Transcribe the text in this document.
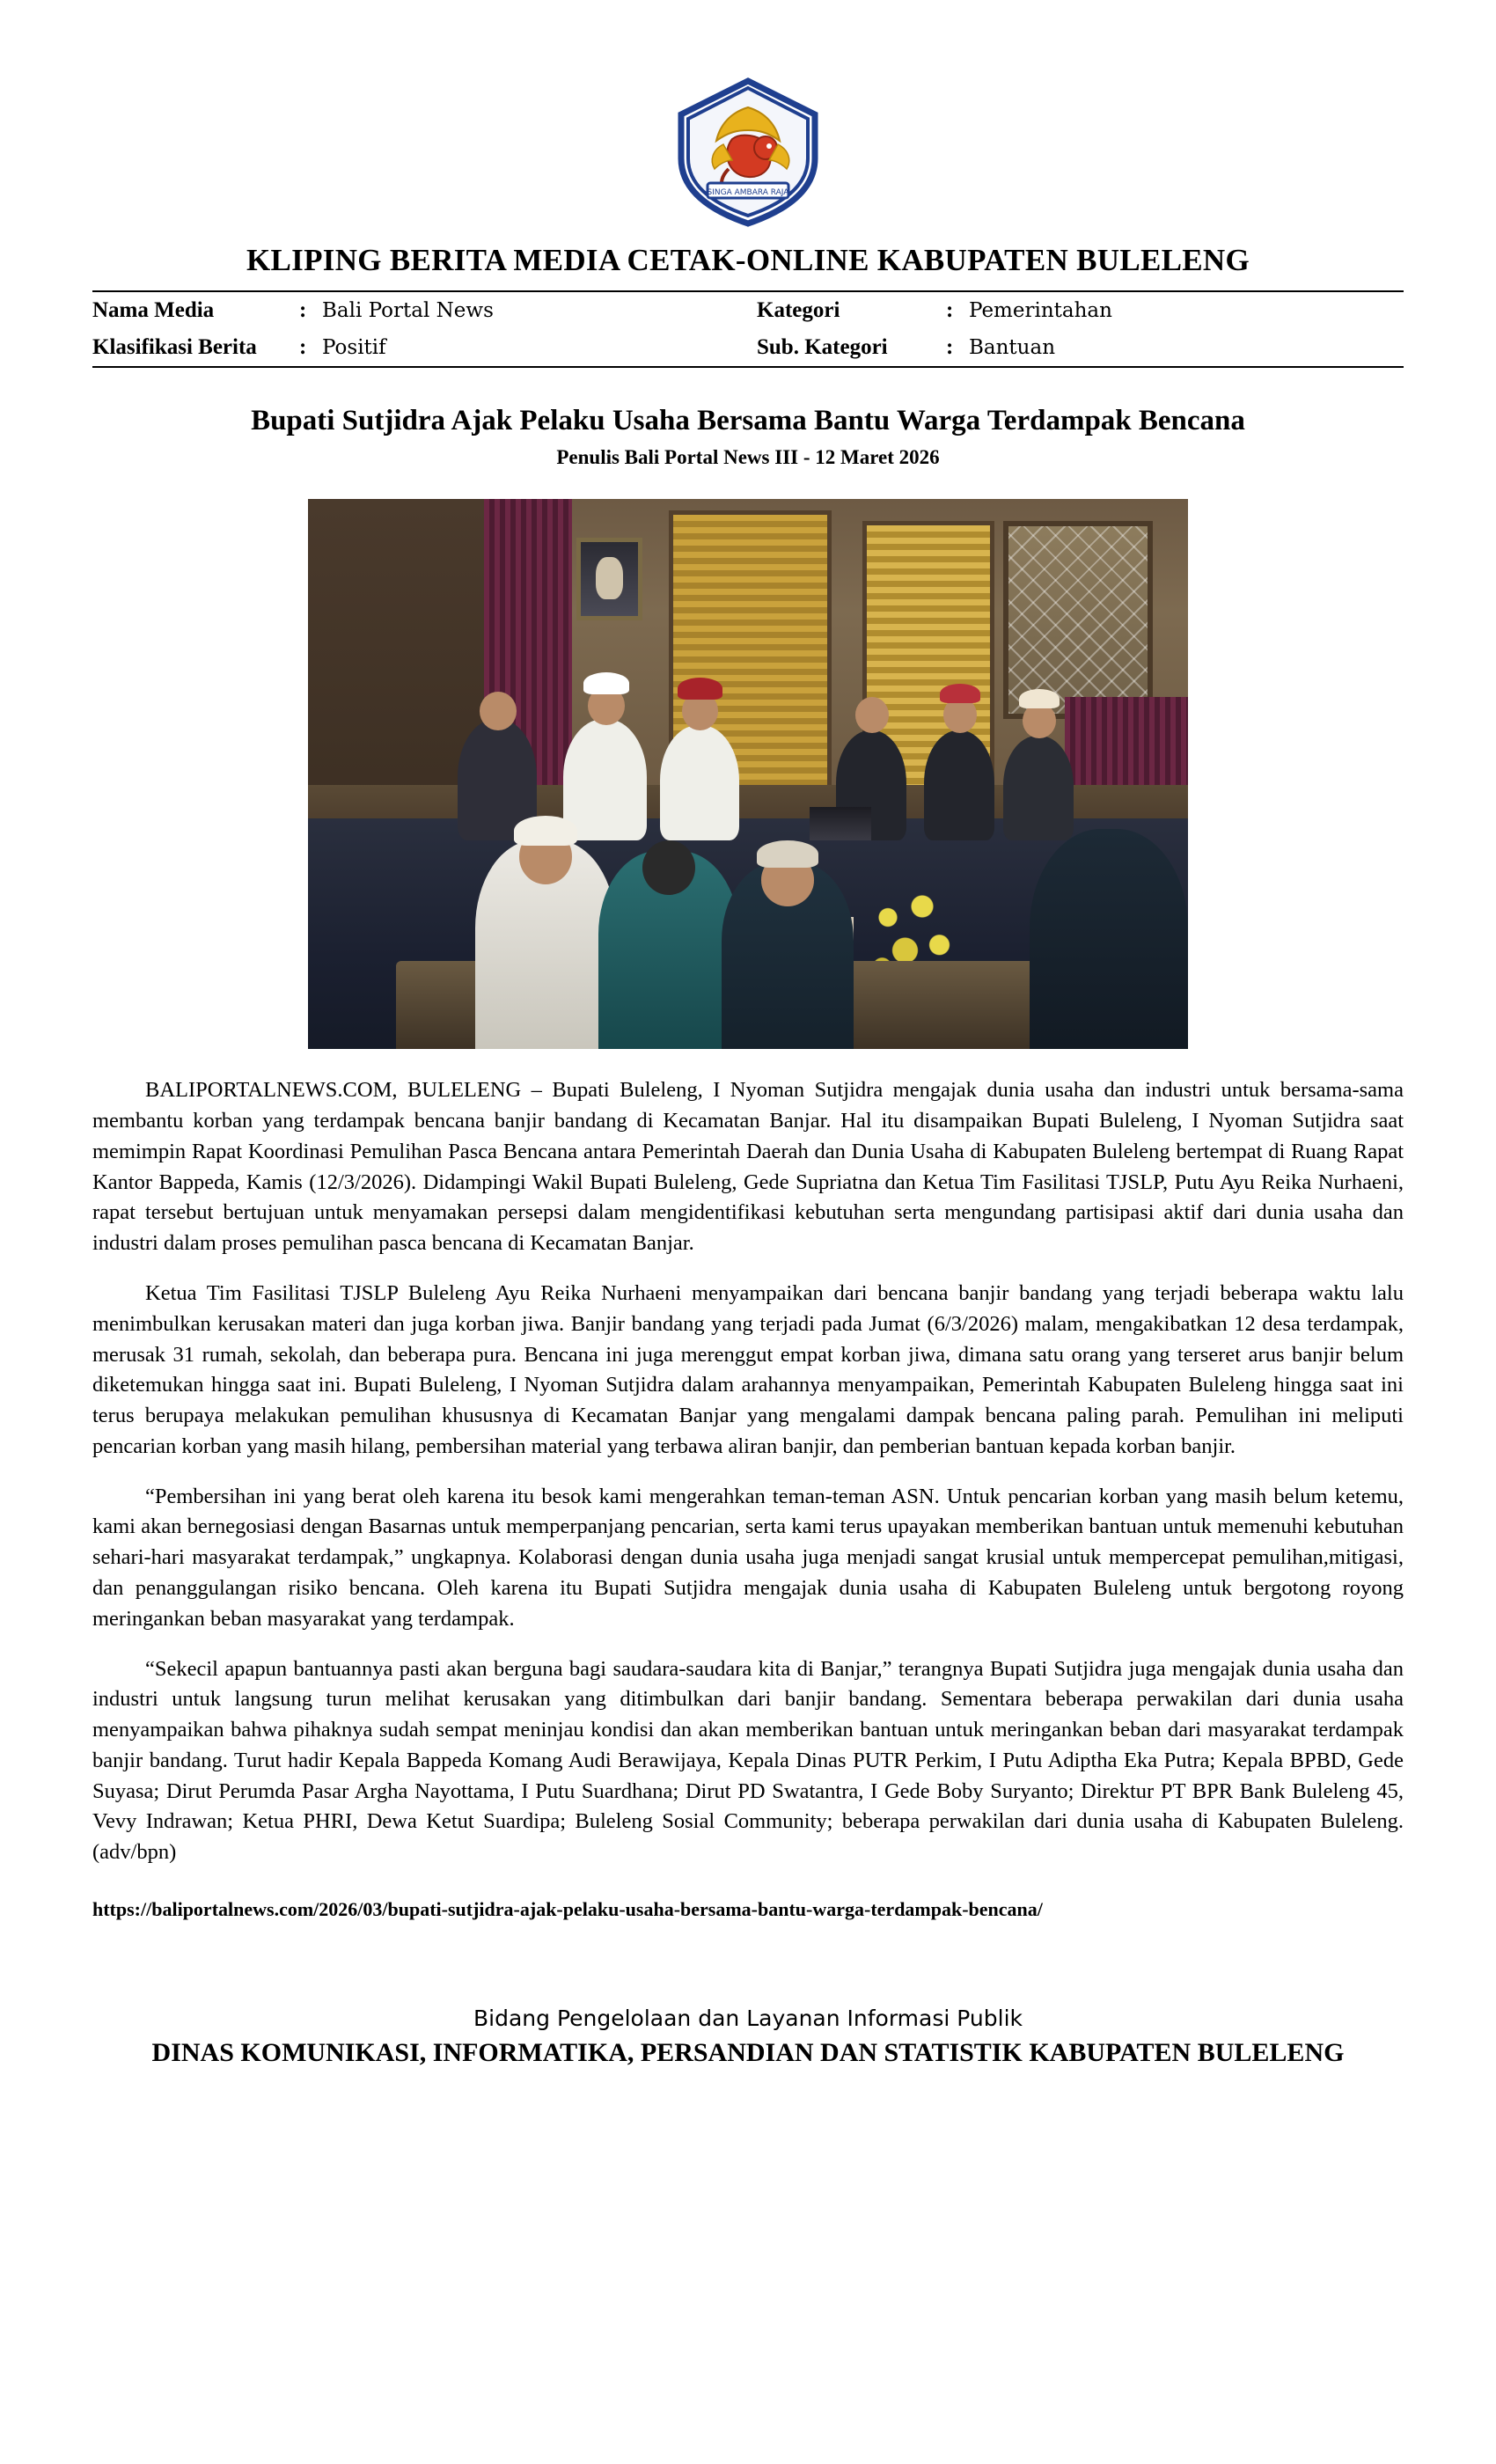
SINGA AMBARA RAJA
KLIPING BERITA MEDIA CETAK-ONLINE KABUPATEN BULELENG
Nama Media	:	Bali Portal News	Kategori	:	Pemerintahan
Klasifikasi Berita	:	Positif	Sub. Kategori	:	Bantuan
Bupati Sutjidra Ajak Pelaku Usaha Bersama Bantu Warga Terdampak Bencana
Penulis Bali Portal News III - 12 Maret 2026

BALIPORTALNEWS.COM, BULELENG – Bupati Buleleng, I Nyoman Sutjidra mengajak dunia usaha dan industri untuk bersama-sama membantu korban yang terdampak bencana banjir bandang di Kecamatan Banjar. Hal itu disampaikan Bupati Buleleng, I Nyoman Sutjidra saat memimpin Rapat Koordinasi Pemulihan Pasca Bencana antara Pemerintah Daerah dan Dunia Usaha di Kabupaten Buleleng bertempat di Ruang Rapat Kantor Bappeda, Kamis (12/3/2026). Didampingi Wakil Bupati Buleleng, Gede Supriatna dan Ketua Tim Fasilitasi TJSLP, Putu Ayu Reika Nurhaeni, rapat tersebut bertujuan untuk menyamakan persepsi dalam mengidentifikasi kebutuhan serta mengundang partisipasi aktif dari dunia usaha dan industri dalam proses pemulihan pasca bencana di Kecamatan Banjar.

Ketua Tim Fasilitasi TJSLP Buleleng Ayu Reika Nurhaeni menyampaikan dari bencana banjir bandang yang terjadi beberapa waktu lalu menimbulkan kerusakan materi dan juga korban jiwa. Banjir bandang yang terjadi pada Jumat (6/3/2026) malam, mengakibatkan 12 desa terdampak, merusak 31 rumah, sekolah, dan beberapa pura. Bencana ini juga merenggut empat korban jiwa, dimana satu orang yang terseret arus banjir belum diketemukan hingga saat ini. Bupati Buleleng, I Nyoman Sutjidra dalam arahannya menyampaikan, Pemerintah Kabupaten Buleleng hingga saat ini terus berupaya melakukan pemulihan khususnya di Kecamatan Banjar yang mengalami dampak bencana paling parah. Pemulihan ini meliputi pencarian korban yang masih hilang, pembersihan material yang terbawa aliran banjir, dan pemberian bantuan kepada korban banjir.

“Pembersihan ini yang berat oleh karena itu besok kami mengerahkan teman-teman ASN. Untuk pencarian korban yang masih belum ketemu, kami akan bernegosiasi dengan Basarnas untuk memperpanjang pencarian, serta kami terus upayakan memberikan bantuan untuk memenuhi kebutuhan sehari-hari masyarakat terdampak,” ungkapnya. Kolaborasi dengan dunia usaha juga menjadi sangat krusial untuk mempercepat pemulihan,mitigasi, dan penanggulangan risiko bencana. Oleh karena itu Bupati Sutjidra mengajak dunia usaha di Kabupaten Buleleng untuk bergotong royong meringankan beban masyarakat yang terdampak.

“Sekecil apapun bantuannya pasti akan berguna bagi saudara-saudara kita di Banjar,” terangnya Bupati Sutjidra juga mengajak dunia usaha dan industri untuk langsung turun melihat kerusakan yang ditimbulkan dari banjir bandang. Sementara beberapa perwakilan dari dunia usaha menyampaikan bahwa pihaknya sudah sempat meninjau kondisi dan akan memberikan bantuan untuk meringankan beban dari masyarakat terdampak banjir bandang. Turut hadir Kepala Bappeda Komang Audi Berawijaya, Kepala Dinas PUTR Perkim, I Putu Adiptha Eka Putra; Kepala BPBD, Gede Suyasa; Dirut Perumda Pasar Argha Nayottama, I Putu Suardhana; Dirut PD Swatantra, I Gede Boby Suryanto; Direktur PT BPR Bank Buleleng 45, Vevy Indrawan; Ketua PHRI, Dewa Ketut Suardipa; Buleleng Sosial Community; beberapa perwakilan dari dunia usaha di Kabupaten Buleleng.(adv/bpn)

https://baliportalnews.com/2026/03/bupati-sutjidra-ajak-pelaku-usaha-bersama-bantu-warga-terdampak-bencana/
Bidang Pengelolaan dan Layanan Informasi Publik
DINAS KOMUNIKASI, INFORMATIKA, PERSANDIAN DAN STATISTIK KABUPATEN BULELENG
